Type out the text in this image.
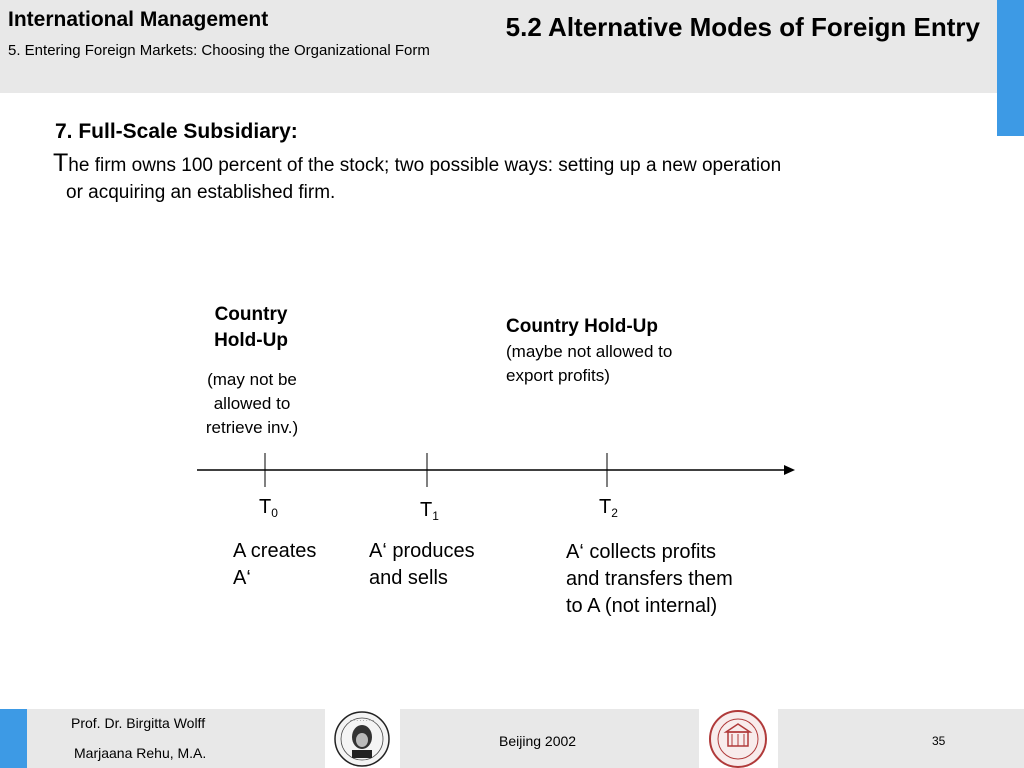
International Management
5. Entering Foreign Markets: Choosing the Organizational Form
5.2 Alternative Modes of Foreign Entry
7. Full-Scale Subsidiary:
The firm owns 100 percent of the stock; two possible ways: setting up a new operation
or acquiring an established firm.
Country
Hold-Up
(may not be
allowed to
retrieve inv.)
Country Hold-Up
(maybe not allowed to
export profits)
$T_0$	$T_1$	$T_2$
A creates
A‘
A‘ produces
and sells
A‘ collects profits
and transfers them
to A (not internal)
Prof. Dr. Birgitta Wolff
Marjaana Rehu, M.A.
Beijing 2002	35
· · · · · · · ·
